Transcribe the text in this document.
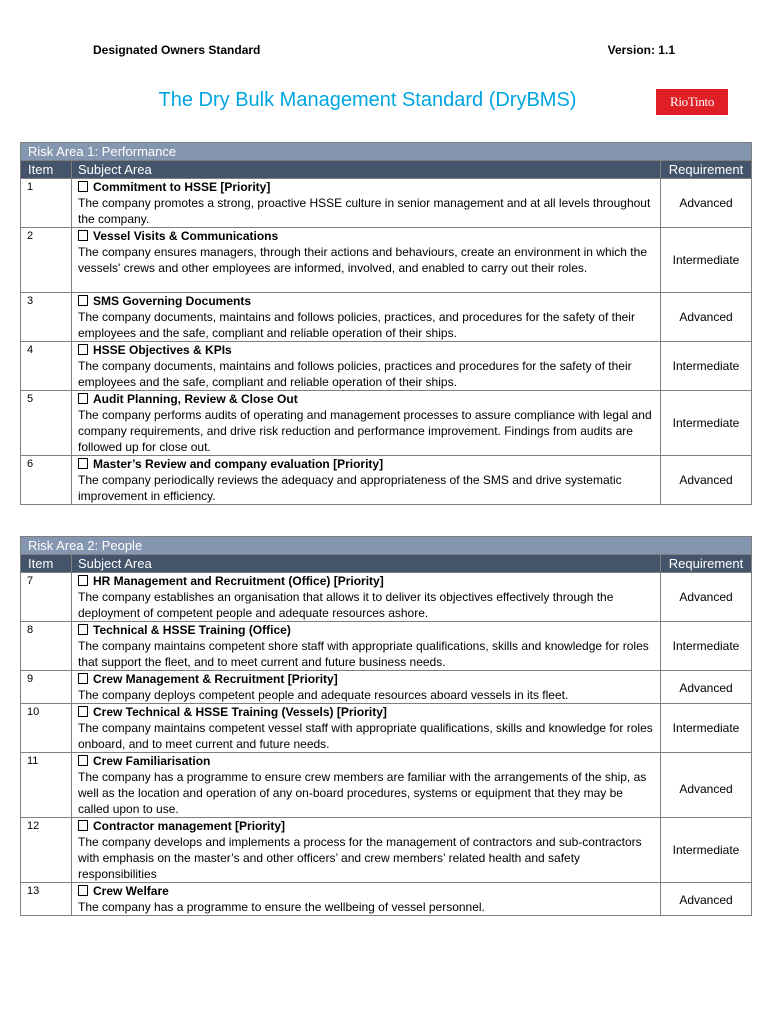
Designated Owners Standard	Version: 1.1
The Dry Bulk Management Standard (DryBMS)	RioTinto
Risk Area 1: Performance		
Item	Subject Area	Requirement
1	Commitment to HSSE [Priority]
The company promotes a strong, proactive HSSE culture in senior management and at all levels throughout the company.	Advanced
2	Vessel Visits & Communications
The company ensures managers, through their actions and behaviours, create an environment in which the vessels' crews and other employees are informed, involved, and enabled to carry out their roles.	Intermediate
3	SMS Governing Documents
The company documents, maintains and follows policies, practices, and procedures for the safety of their employees and the safe, compliant and reliable operation of their ships.	Advanced
4	HSSE Objectives & KPIs
The company documents, maintains and follows policies, practices and procedures for the safety of their employees and the safe, compliant and reliable operation of their ships.	Intermediate
5	Audit Planning, Review & Close Out
The company performs audits of operating and management processes to assure compliance with legal and company requirements, and drive risk reduction and performance improvement. Findings from audits are followed up for close out.	Intermediate
6	Master’s Review and company evaluation [Priority]
The company periodically reviews the adequacy and appropriateness of the SMS and drive systematic improvement in efficiency.	Advanced
Risk Area 2: People		
Item	Subject Area	Requirement
7	HR Management and Recruitment (Office) [Priority]
The company establishes an organisation that allows it to deliver its objectives effectively through the deployment of competent people and adequate resources ashore.	Advanced
8	Technical & HSSE Training (Office)
The company maintains competent shore staff with appropriate qualifications, skills and knowledge for roles that support the fleet, and to meet current and future business needs.	Intermediate
9	Crew Management & Recruitment [Priority]
The company deploys competent people and adequate resources aboard vessels in its fleet.	Advanced
10	Crew Technical & HSSE Training (Vessels) [Priority]
The company maintains competent vessel staff with appropriate qualifications, skills and knowledge for roles onboard, and to meet current and future needs.	Intermediate
11	Crew Familiarisation
The company has a programme to ensure crew members are familiar with the arrangements of the ship, as well as the location and operation of any on-board procedures, systems or equipment that they may be called upon to use.	Advanced
12	Contractor management [Priority]
The company develops and implements a process for the management of contractors and sub-contractors with emphasis on the master’s and other officers’ and crew members’ related health and safety responsibilities	Intermediate
13	Crew Welfare
The company has a programme to ensure the wellbeing of vessel personnel.	Advanced
